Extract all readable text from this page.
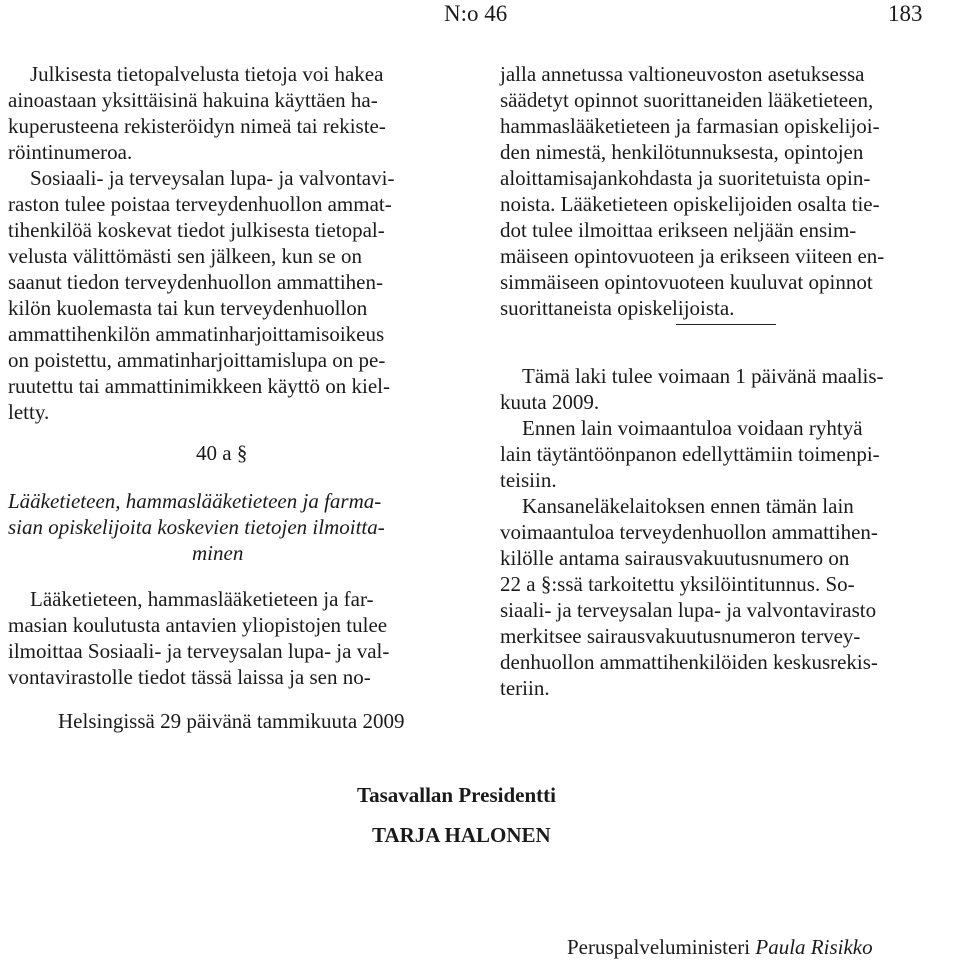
N:o 46	183
Julkisesta tietopalvelusta tietoja voi hakea
ainoastaan yksittäisinä hakuina käyttäen ha-
kuperusteena rekisteröidyn nimeä tai rekiste-
röintinumeroa.
Sosiaali- ja terveysalan lupa- ja valvontavi-
raston tulee poistaa terveydenhuollon ammat-
tihenkilöä koskevat tiedot julkisesta tietopal-
velusta välittömästi sen jälkeen, kun se on
saanut tiedon terveydenhuollon ammattihen-
kilön kuolemasta tai kun terveydenhuollon
ammattihenkilön ammatinharjoittamisoikeus
on poistettu, ammatinharjoittamislupa on pe-
ruutettu tai ammattinimikkeen käyttö on kiel-
letty.
40 a §
Lääketieteen, hammaslääketieteen ja farma-
sian opiskelijoita koskevien tietojen ilmoitta-
minen
Lääketieteen, hammaslääketieteen ja far-
masian koulutusta antavien yliopistojen tulee
ilmoittaa Sosiaali- ja terveysalan lupa- ja val-
vontavirastolle tiedot tässä laissa ja sen no-
jalla annetussa valtioneuvoston asetuksessa
säädetyt opinnot suorittaneiden lääketieteen,
hammaslääketieteen ja farmasian opiskelijoi-
den nimestä, henkilötunnuksesta, opintojen
aloittamisajankohdasta ja suoritetuista opin-
noista. Lääketieteen opiskelijoiden osalta tie-
dot tulee ilmoittaa erikseen neljään ensim-
mäiseen opintovuoteen ja erikseen viiteen en-
simmäiseen opintovuoteen kuuluvat opinnot
suorittaneista opiskelijoista.
Tämä laki tulee voimaan 1 päivänä maalis-
kuuta 2009.
Ennen lain voimaantuloa voidaan ryhtyä
lain täytäntöönpanon edellyttämiin toimenpi-
teisiin.
Kansaneläkelaitoksen ennen tämän lain
voimaantuloa terveydenhuollon ammattihen-
kilölle antama sairausvakuutusnumero on
22 a §:ssä tarkoitettu yksilöintitunnus. So-
siaali- ja terveysalan lupa- ja valvontavirasto
merkitsee sairausvakuutusnumeron tervey-
denhuollon ammattihenkilöiden keskusrekis-
teriin.
Helsingissä 29 päivänä tammikuuta 2009
Tasavallan Presidentti
TARJA HALONEN
Peruspalveluministeri Paula Risikko
